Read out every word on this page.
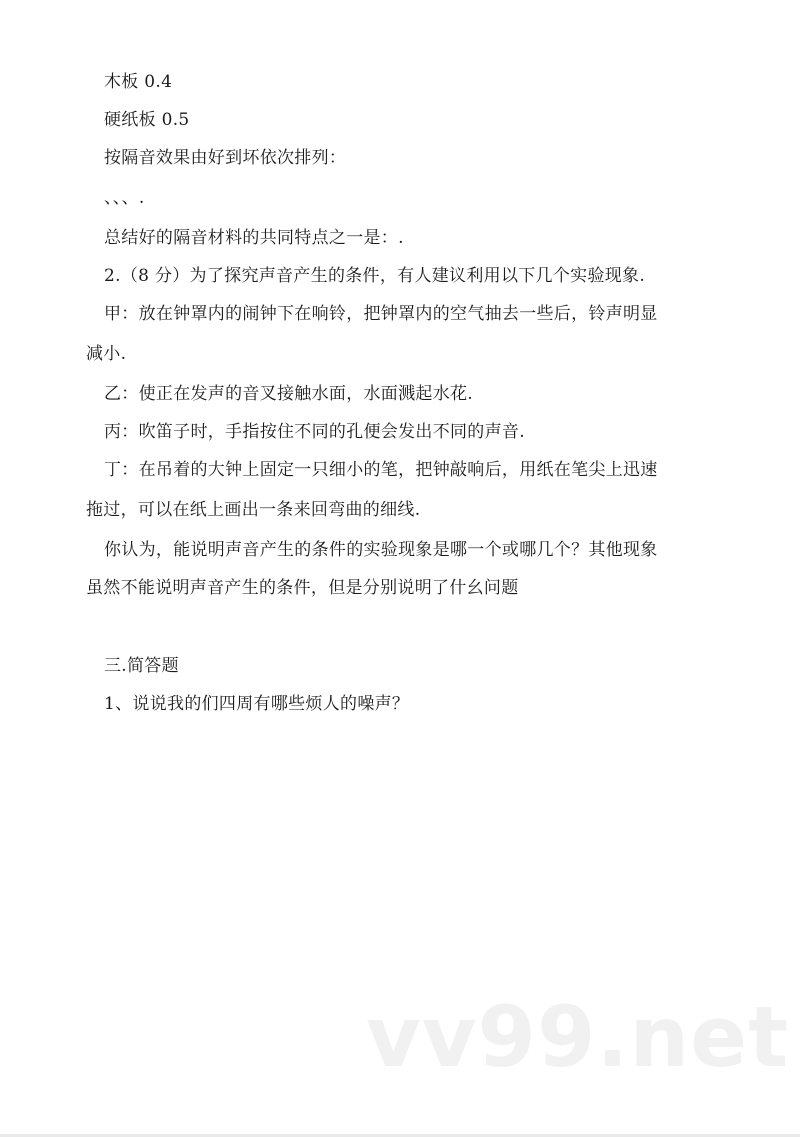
木板 0.4
硬纸板 0.5
按隔音效果由好到坏依次排列：
、、、.
总结好的隔音材料的共同特点之一是：.
2.（8 分）为了探究声音产生的条件，有人建议利用以下几个实验现象.
甲：放在钟罩内的闹钟下在响铃，把钟罩内的空气抽去一些后，铃声明显
减小.
乙：使正在发声的音叉接触水面，水面溅起水花.
丙：吹笛子时，手指按住不同的孔便会发出不同的声音.
丁：在吊着的大钟上固定一只细小的笔，把钟敲响后，用纸在笔尖上迅速
拖过，可以在纸上画出一条来回弯曲的细线.
你认为，能说明声音产生的条件的实验现象是哪一个或哪几个？其他现象
虽然不能说明声音产生的条件，但是分别说明了什幺问题
三.简答题
1、说说我的们四周有哪些烦人的噪声？
vv99.net
